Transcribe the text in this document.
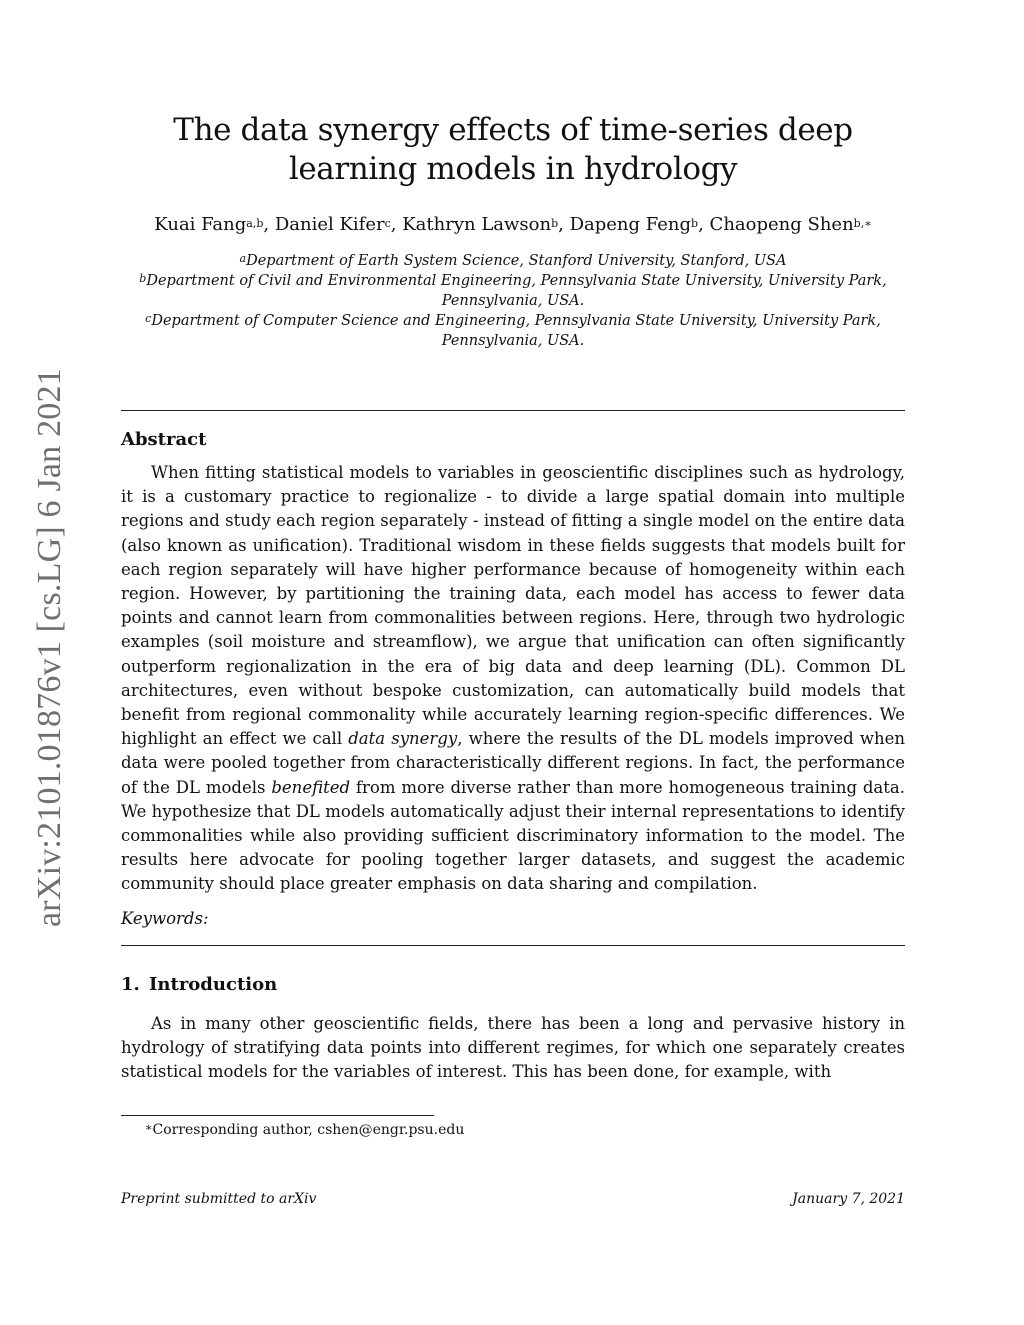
arXiv:2101.01876v1 [cs.LG] 6 Jan 2021
The data synergy effects of time-series deep learning models in hydrology
Kuai Fang$^{a,b}$, Daniel Kifer$^c$, Kathryn Lawson$^b$, Dapeng Feng$^b$, Chaopeng Shen$^{b,∗}$

$^a$Department of Earth System Science, Stanford University, Stanford, USA

$^b$Department of Civil and Environmental Engineering, Pennsylvania State University, University Park, Pennsylvania, USA.

$^c$Department of Computer Science and Engineering, Pennsylvania State University, University Park, Pennsylvania, USA.

Abstract
When fitting statistical models to variables in geoscientific disciplines such as hydrology, it is a customary practice to regionalize - to divide a large spatial domain into multiple regions and study each region separately - instead of fitting a single model on the entire data (also known as unification). Traditional wisdom in these fields suggests that models built for each region separately will have higher performance because of homogeneity within each region. However, by partitioning the training data, each model has access to fewer data points and cannot learn from commonalities between regions. Here, through two hydrologic examples (soil moisture and streamflow), we argue that unification can often significantly outperform regionalization in the era of big data and deep learning (DL). Common DL architectures, even without bespoke customization, can automatically build models that benefit from regional commonality while accurately learning region-specific differences. We highlight an effect we call data synergy, where the results of the DL models improved when data were pooled together from characteristically different regions. In fact, the performance of the DL models benefited from more diverse rather than more homogeneous training data. We hypothesize that DL models automatically adjust their internal representations to identify commonalities while also providing sufficient discriminatory information to the model. The results here advocate for pooling together larger datasets, and suggest the academic community should place greater emphasis on data sharing and compilation.
Keywords:
1. Introduction
As in many other geoscientific fields, there has been a long and pervasive history in hydrology of stratifying data points into different regimes, for which one separately creates statistical models for the variables of interest. This has been done, for example, with
∗Corresponding author, cshen@engr.psu.edu
Preprint submitted to arXiv	January 7, 2021
